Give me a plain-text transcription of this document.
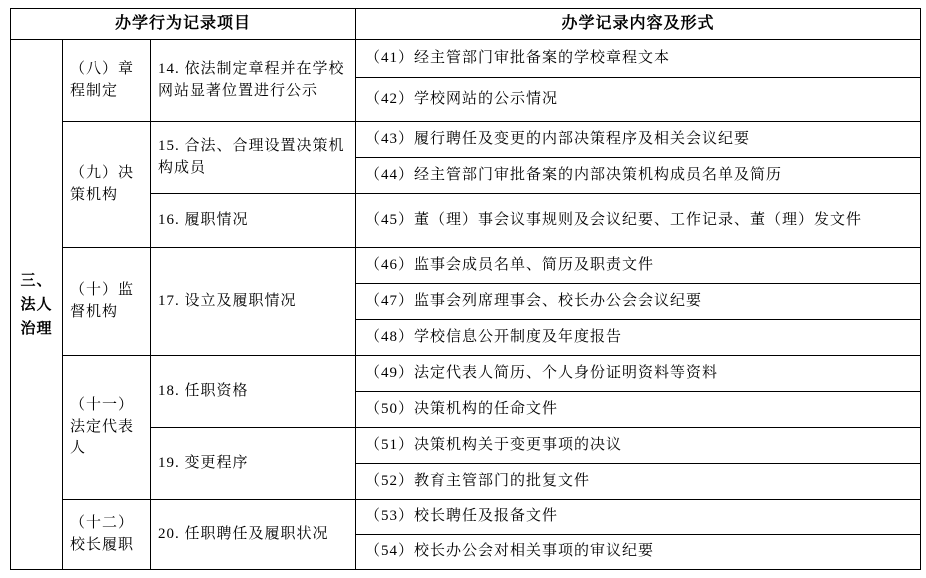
办学行为记录项目			办学记录内容及形式
三、法人治理	（八）章程制定	14. 依法制定章程并在学校网站显著位置进行公示	（41）经主管部门审批备案的学校章程文本
			（42）学校网站的公示情况
	（九）决策机构	15. 合法、合理设置决策机构成员	（43）履行聘任及变更的内部决策程序及相关会议纪要
			（44）经主管部门审批备案的内部决策机构成员名单及简历
		16. 履职情况	（45）董（理）事会议事规则及会议纪要、工作记录、董（理）发文件
	（十）监督机构	17. 设立及履职情况	（46）监事会成员名单、简历及职责文件
			（47）监事会列席理事会、校长办公会会议纪要
			（48）学校信息公开制度及年度报告
	（十一）法定代表人	18. 任职资格	（49）法定代表人简历、个人身份证明资料等资料
			（50）决策机构的任命文件
		19. 变更程序	（51）决策机构关于变更事项的决议
			（52）教育主管部门的批复文件
	（十二）校长履职	20. 任职聘任及履职状况	（53）校长聘任及报备文件
			（54）校长办公会对相关事项的审议纪要
